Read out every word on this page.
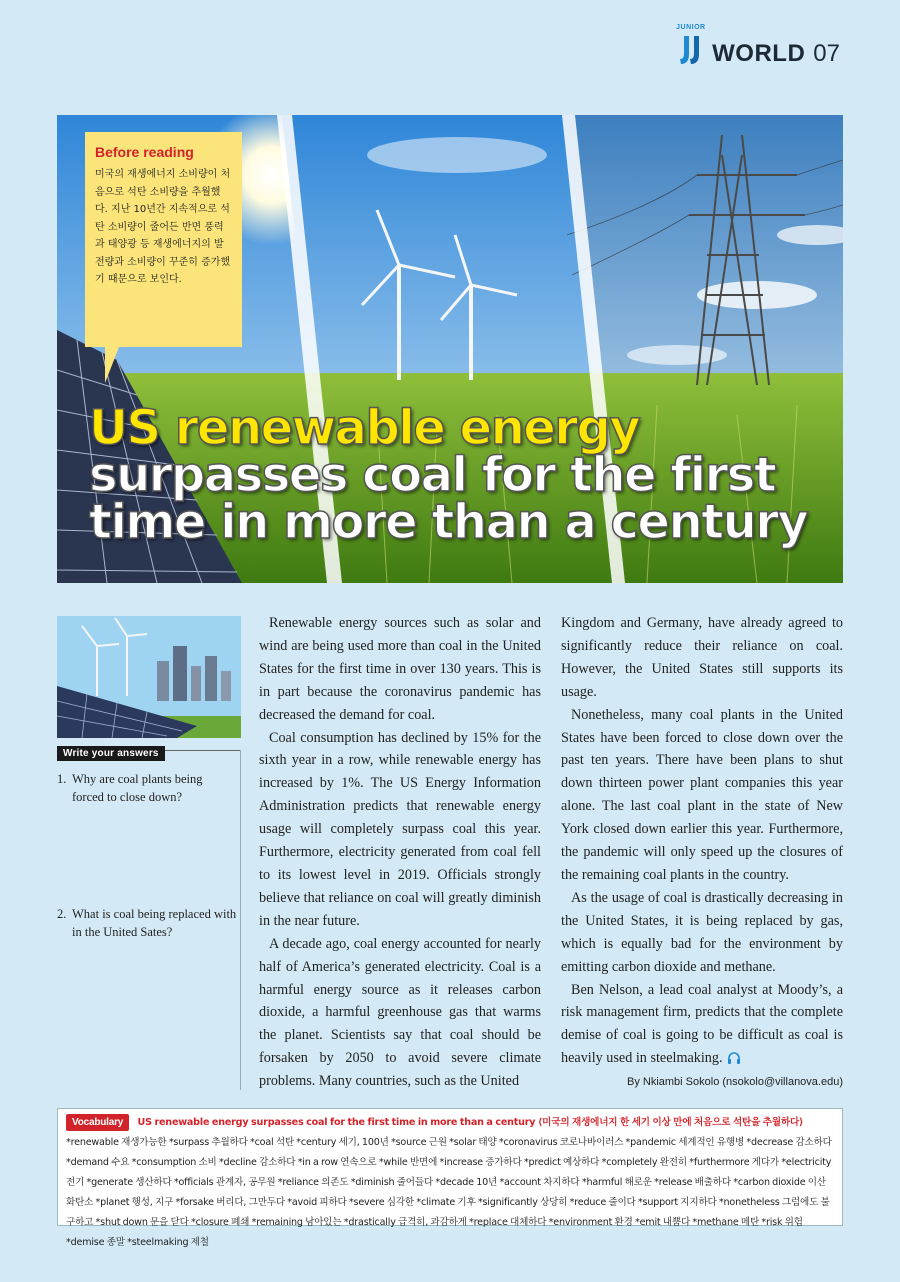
JUNIOR
WORLD 07
Before reading
미국의 재생에너지 소비량이 처음으로 석탄 소비량을 추월했다. 지난 10년간 지속적으로 석탄 소비량이 줄어든 반면 풍력과 태양광 등 재생에너지의 발전량과 소비량이 꾸준히 증가했기 때문으로 보인다.
US renewable energy
surpasses coal for the first
time in more than a century
Write your answers
1. Why are coal plants being forced to close down?
2. What is coal being replaced with in the United Sates?

Renewable energy sources such as solar and wind are being used more than coal in the United States for the first time in over 130 years. This is in part because the coronavirus pandemic has decreased the demand for coal.

Coal consumption has declined by 15% for the sixth year in a row, while renewable energy has increased by 1%. The US Energy Information Administration predicts that renewable energy usage will completely surpass coal this year. Furthermore, electricity generated from coal fell to its lowest level in 2019. Officials strongly believe that reliance on coal will greatly diminish in the near future.

A decade ago, coal energy accounted for nearly half of America’s generated electricity. Coal is a harmful energy source as it releases carbon dioxide, a harmful greenhouse gas that warms the planet. Scientists say that coal should be forsaken by 2050 to avoid severe climate problems. Many countries, such as the United

Kingdom and Germany, have already agreed to significantly reduce their reliance on coal. However, the United States still supports its usage.

Nonetheless, many coal plants in the United States have been forced to close down over the past ten years. There have been plans to shut down thirteen power plant companies this year alone. The last coal plant in the state of New York closed down earlier this year. Furthermore, the pandemic will only speed up the closures of the remaining coal plants in the country.

As the usage of coal is drastically decreasing in the United States, it is being replaced by gas, which is equally bad for the environment by emitting carbon dioxide and methane.

Ben Nelson, a lead coal analyst at Moody’s, a risk management firm, predicts that the complete demise of coal is going to be difficult as coal is heavily used in steelmaking.

By Nkiambi Sokolo (nsokolo@villanova.edu)
Vocabulary US renewable energy surpasses coal for the first time in more than a century ⟨미국의 재생에너지 한 세기 이상 만에 처음으로 석탄을 추월하다⟩ *renewable 재생가능한 *surpass 추월하다 *coal 석탄 *century 세기, 100년 *source 근원 *solar 태양 *coronavirus 코로나바이러스 *pandemic 세계적인 유행병 *decrease 감소하다 *demand 수요 *consumption 소비 *decline 감소하다 *in a row 연속으로 *while 반면에 *increase 증가하다 *predict 예상하다 *completely 완전히 *furthermore 게다가 *electricity 전기 *generate 생산하다 *officials 관계자, 공무원 *reliance 의존도 *diminish 줄어들다 *decade 10년 *account 차지하다 *harmful 해로운 *release 배출하다 *carbon dioxide 이산화탄소 *planet 행성, 지구 *forsake 버리다, 그만두다 *avoid 피하다 *severe 심각한 *climate 기후 *significantly 상당히 *reduce 줄이다 *support 지지하다 *nonetheless 그럼에도 불구하고 *shut down 문을 닫다 *closure 폐쇄 *remaining 남아있는 *drastically 급격히, 과감하게 *replace 대체하다 *environment 환경 *emit 내뿜다 *methane 메탄 *risk 위험 *demise 종말 *steelmaking 제철
